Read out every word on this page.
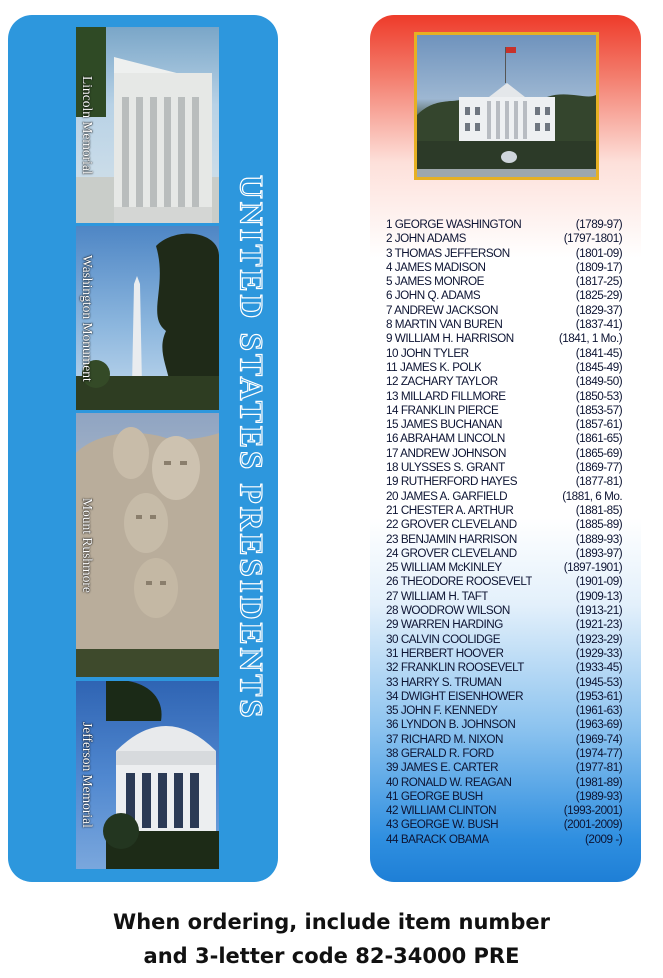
Lincoln Memorial
Washington Monument
Mount Rushmore
Jefferson Memorial
UNITED STATES PRESIDENTS	1 GEORGE WASHINGTON	(1789-97)
2 JOHN ADAMS	(1797-1801)
3 THOMAS JEFFERSON	(1801-09)
4 JAMES MADISON	(1809-17)
5 JAMES MONROE	(1817-25)
6 JOHN Q. ADAMS	(1825-29)
7 ANDREW JACKSON	(1829-37)
8 MARTIN VAN BUREN	(1837-41)
9 WILLIAM H. HARRISON	(1841, 1 Mo.)
10 JOHN TYLER	(1841-45)
11 JAMES K. POLK	(1845-49)
12 ZACHARY TAYLOR	(1849-50)
13 MILLARD FILLMORE	(1850-53)
14 FRANKLIN PIERCE	(1853-57)
15 JAMES BUCHANAN	(1857-61)
16 ABRAHAM LINCOLN	(1861-65)
17 ANDREW JOHNSON	(1865-69)
18 ULYSSES S. GRANT	(1869-77)
19 RUTHERFORD HAYES	(1877-81)
20 JAMES A. GARFIELD	(1881, 6 Mo.
21 CHESTER A. ARTHUR	(1881-85)
22 GROVER CLEVELAND	(1885-89)
23 BENJAMIN HARRISON	(1889-93)
24 GROVER CLEVELAND	(1893-97)
25 WILLIAM McKINLEY	(1897-1901)
26 THEODORE ROOSEVELT	(1901-09)
27 WILLIAM H. TAFT	(1909-13)
28 WOODROW WILSON	(1913-21)
29 WARREN HARDING	(1921-23)
30 CALVIN COOLIDGE	(1923-29)
31 HERBERT HOOVER	(1929-33)
32 FRANKLIN ROOSEVELT	(1933-45)
33 HARRY S. TRUMAN	(1945-53)
34 DWIGHT EISENHOWER	(1953-61)
35 JOHN F. KENNEDY	(1961-63)
36 LYNDON B. JOHNSON	(1963-69)
37 RICHARD M. NIXON	(1969-74)
38 GERALD R. FORD	(1974-77)
39 JAMES E. CARTER	(1977-81)
40 RONALD W. REAGAN	(1981-89)
41 GEORGE BUSH	(1989-93)
42 WILLIAM CLINTON	(1993-2001)
43 GEORGE W. BUSH	(2001-2009)
44 BARACK OBAMA	(2009 -)
When ordering, include item number
and 3-letter code 82-34000 PRE
